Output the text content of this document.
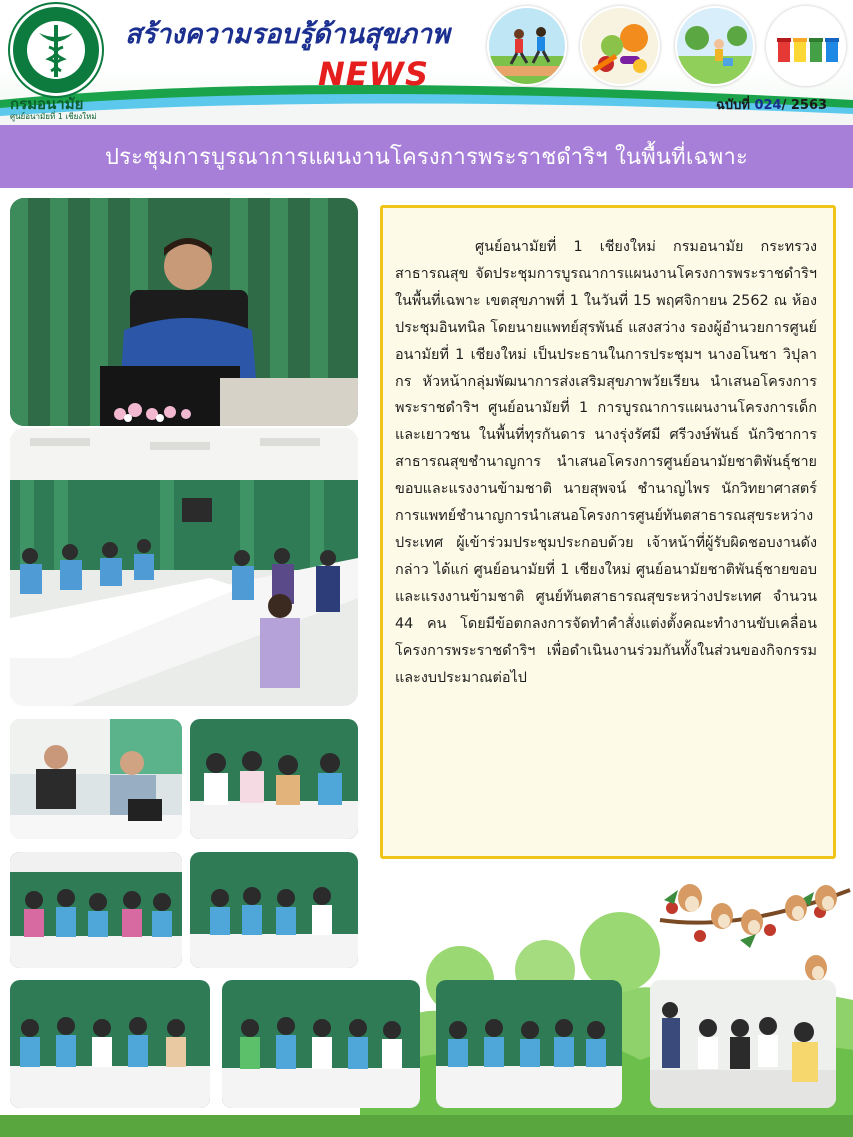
กรมอนามัย
ศูนย์อนามัยที่ 1 เชียงใหม่
สร้างความรอบรู้ด้านสุขภาพ
NEWS
ฉบับที่ 024/ 2563
ประชุมการบูรณาการแผนงานโครงการพระราชดำริฯ ในพื้นที่เฉพาะ

ศูนย์อนามัยที่ 1 เชียงใหม่ กรมอนามัย กระทรวงสาธารณสุข จัดประชุมการบูรณาการแผนงานโครงการพระราชดำริฯ ในพื้นที่เฉพาะ เขตสุขภาพที่ 1 ในวันที่ 15 พฤศจิกายน 2562 ณ ห้องประชุมอินทนิล โดยนายแพทย์สุรพันธ์ แสงสว่าง รองผู้อำนวยการศูนย์อนามัยที่ 1 เชียงใหม่ เป็นประธานในการประชุมฯ นางอโนชา วิปุลากร หัวหน้ากลุ่มพัฒนาการส่งเสริมสุขภาพวัยเรียน นำเสนอโครงการพระราชดำริฯ ศูนย์อนามัยที่ 1 การบูรณาการแผนงานโครงการเด็กและเยาวชน ในพื้นที่ทุรกันดาร นางรุ่งรัศมี ศรีวงษ์พันธ์ นักวิชาการสาธารณสุขชำนาญการ นำเสนอโครงการศูนย์อนามัยชาติพันธุ์ชายขอบและแรงงานข้ามชาติ นายสุพจน์ ชำนาญไพร นักวิทยาศาสตร์การแพทย์ชำนาญการนำเสนอโครงการศูนย์ทันตสาธารณสุขระหว่างประเทศ ผู้เข้าร่วมประชุมประกอบด้วย เจ้าหน้าที่ผู้รับผิดชอบงานดังกล่าว ได้แก่ ศูนย์อนามัยที่ 1 เชียงใหม่ ศูนย์อนามัยชาติพันธุ์ชายขอบและแรงงานข้ามชาติ ศูนย์ทันตสาธารณสุขระหว่างประเทศ จำนวน 44 คน โดยมีข้อตกลงการจัดทำคำสั่งแต่งตั้งคณะทำงานขับเคลื่อนโครงการพระราชดำริฯ เพื่อดำเนินงานร่วมกันทั้งในส่วนของกิจกรรมและงบประมาณต่อไป
